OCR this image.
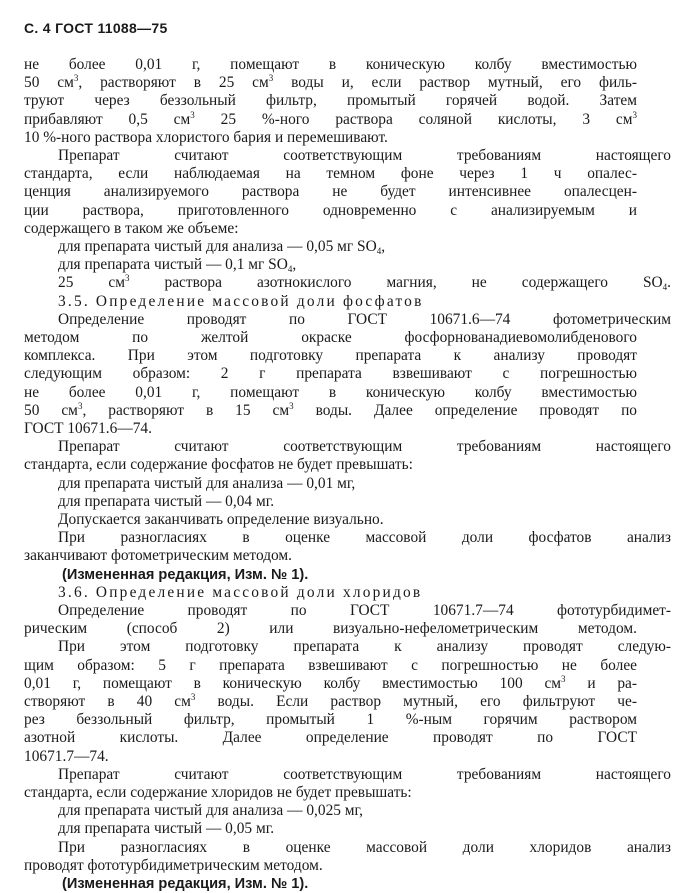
С. 4 ГОСТ 11088—75
не более 0,01 г, помещают в коническую колбу вместимостью
50 $см^3$, растворяют в 25 $см^3$ воды и, если раствор мутный, его филь-
труют через беззольный фильтр, промытый горячей водой. Затем
прибавляют 0,5 $см^3$ 25 %-ного раствора соляной кислоты, 3 $см^3$
10 %-ного раствора хлористого бария и перемешивают.
Препарат считают соответствующим требованиям настоящего
стандарта, если наблюдаемая на темном фоне через 1 ч опалес-
ценция анализируемого раствора не будет интенсивнее опалесцен-
ции раствора, приготовленного одновременно с анализируемым и
содержащего в таком же объеме:
для препарата чистый для анализа — 0,05 мг $SO_4$,
для препарата чистый — 0,1 мг $SO_4$,
25 $см^3$ раствора азотнокислого магния, не содержащего $SO_4$.
3.5. Определение массовой доли фосфатов
Определение проводят по ГОСТ 10671.6—74 фотометрическим
методом по желтой окраске фосфорнованадиевомолибденового
комплекса. При этом подготовку препарата к анализу проводят
следующим образом: 2 г препарата взвешивают с погрешностью
не более 0,01 г, помещают в коническую колбу вместимостью
50 $см^3$, растворяют в 15 $см^3$ воды. Далее определение проводят по
ГОСТ 10671.6—74.
Препарат считают соответствующим требованиям настоящего
стандарта, если содержание фосфатов не будет превышать:
для препарата чистый для анализа — 0,01 мг,
для препарата чистый — 0,04 мг.
Допускается заканчивать определение визуально.
При разногласиях в оценке массовой доли фосфатов анализ
заканчивают фотометрическим методом.
(Измененная редакция, Изм. № 1).
3.6. Определение массовой доли хлоридов
Определение проводят по ГОСТ 10671.7—74 фототурбидимет-
рическим (способ 2) или визуально-нефелометрическим методом.
При этом подготовку препарата к анализу проводят следую-
щим образом: 5 г препарата взвешивают с погрешностью не более
0,01 г, помещают в коническую колбу вместимостью 100 $см^3$ и ра-
створяют в 40 $см^3$ воды. Если раствор мутный, его фильтруют че-
рез беззольный фильтр, промытый 1 %-ным горячим раствором
азотной кислоты. Далее определение проводят по ГОСТ
10671.7—74.
Препарат считают соответствующим требованиям настоящего
стандарта, если содержание хлоридов не будет превышать:
для препарата чистый для анализа — 0,025 мг,
для препарата чистый — 0,05 мг.
При разногласиях в оценке массовой доли хлоридов анализ
проводят фототурбидиметрическим методом.
(Измененная редакция, Изм. № 1).
